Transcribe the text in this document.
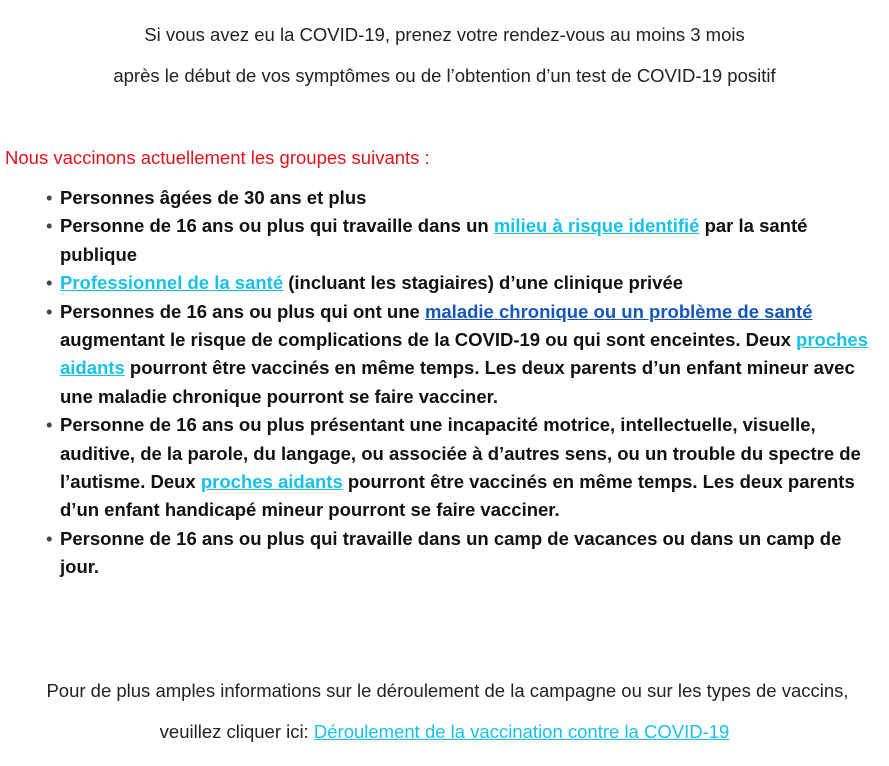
Si vous avez eu la COVID-19, prenez votre rendez-vous au moins 3 mois
après le début de vos symptômes ou de l’obtention d’un test de COVID-19 positif
Nous vaccinons actuellement les groupes suivants :
• Personnes âgées de 30 ans et plus
• Personne de 16 ans ou plus qui travaille dans un milieu à risque identifié par la santé publique
• Professionnel de la santé (incluant les stagiaires) d’une clinique privée
• Personnes de 16 ans ou plus qui ont une maladie chronique ou un problème de santé augmentant le risque de complications de la COVID-19 ou qui sont enceintes. Deux proches aidants pourront être vaccinés en même temps. Les deux parents d’un enfant mineur avec une maladie chronique pourront se faire vacciner.
• Personne de 16 ans ou plus présentant une incapacité motrice, intellectuelle, visuelle, auditive, de la parole, du langage, ou associée à d’autres sens, ou un trouble du spectre de l’autisme. Deux proches aidants pourront être vaccinés en même temps. Les deux parents d’un enfant handicapé mineur pourront se faire vacciner.
• Personne de 16 ans ou plus qui travaille dans un camp de vacances ou dans un camp de jour.
Pour de plus amples informations sur le déroulement de la campagne ou sur les types de vaccins,
veuillez cliquer ici: Déroulement de la vaccination contre la COVID-19
